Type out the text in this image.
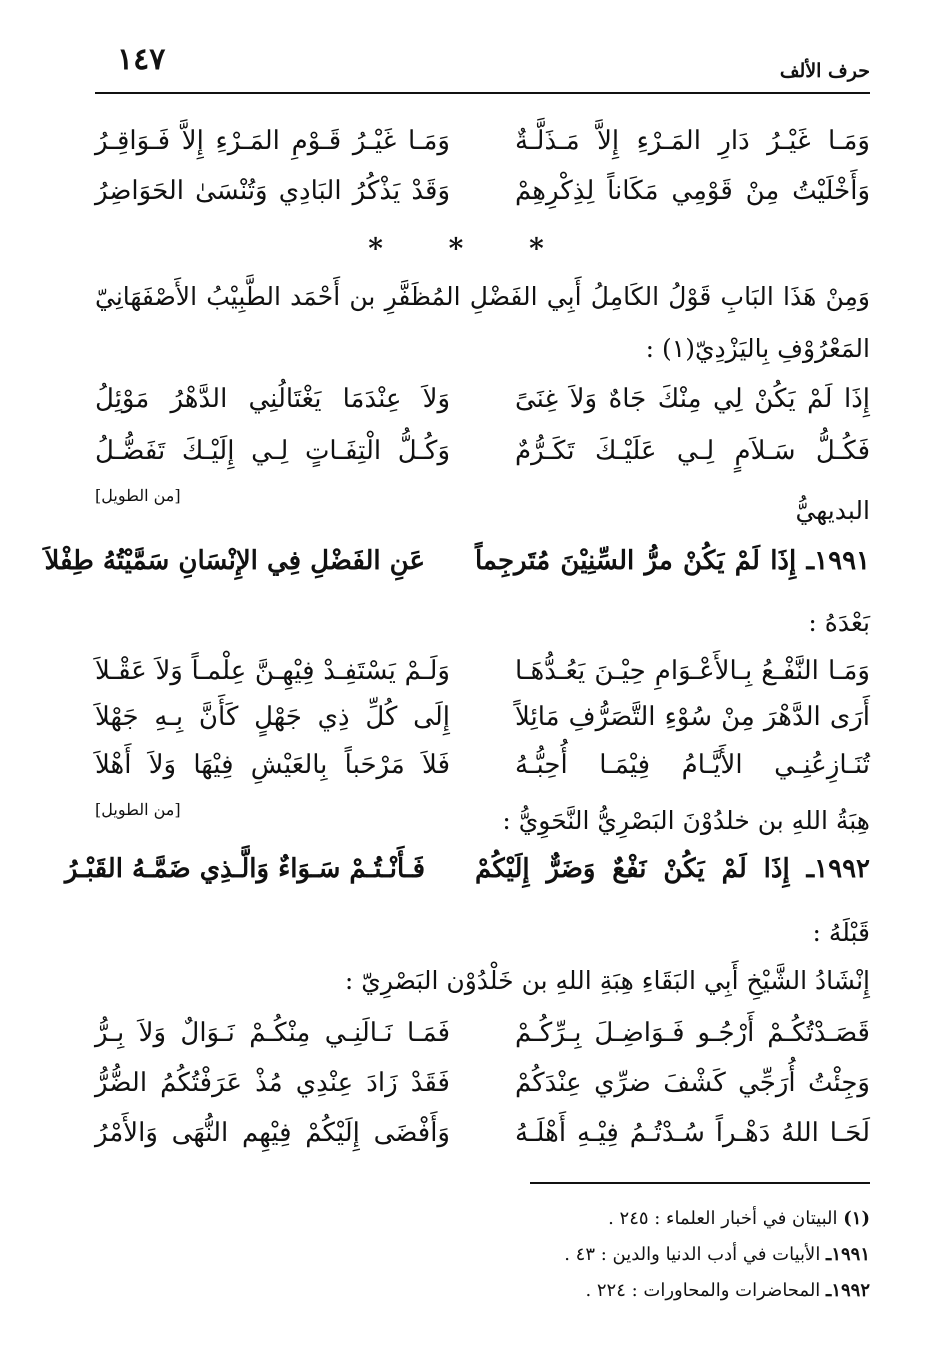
حرف الألف
١٤٧
وَمَـا غَيْـرُ دَارِ المَـرْءِ إِلاَّ مَـذَلَّـةٌ
وَمَـا غَيْـرُ قَـوْمِ المَـرْءِ إِلاَّ فَـوَاقِـرُ
وَأَخْلَيْتُ مِنْ قَوْمِي مَكَاناً لِذِكْرِهِمْ
وَقَدْ يَذْكُرُ البَادِي وَتُنْسَىٰ الحَوَاضِرُ
* * *
وَمِنْ هَذَا البَابِ قَوْلُ الكَامِلُ أَبِي الفَضْلِ المُظَفَّرِ بن أَحْمَد الطَّبِيْبُ الأَصْفَهَانِيّ
المَعْرُوْفِ بِاليَزْدِيّ(١) :
إِذَا لَمْ يَكُنْ لِي مِنْكَ جَاهٌ وَلاَ غِنَىً
وَلاَ عِنْدَمَا يَغْتَالُنِي الدَّهْرُ مَوْئِلُ
فَكُـلُّ سَـلاَمٍ لِـي عَلَيْـكَ تَكَـرُّمٌ
وَكُـلُّ الْتِفَـاتٍ لِـي إِلَيْـكَ تَفَضُّـلُ
[من الطويل]
البديهيُّ
١٩٩١ـ إِذَا لَمْ يَكُنْ مرُّ السِّنِيْنَ مُتَرجِماً
عَنِ الفَضْلِ فِي الإِنْسَانِ سَمَّيْتُهُ طِفْلاَ
بَعْدَهُ :
وَمَـا النَّفْـعُ بِـالأَعْـوَامِ حِيْـنَ يَعُـدُّهَـا
وَلَـمْ يَسْتَفِـدْ فِيْهِـنَّ عِلْمـاً وَلاَ عَقْـلاَ
أَرَى الدَّهْرَ مِنْ سُوْءِ التَّصَرُّفِ مَائِلاً
إِلَى كُلِّ ذِي جَهْلٍ كَأَنَّ بِـهِ جَهْلاَ
تُنَـازِعُنِـي الأَيَّـامُ فِيْمَـا أُحِبُّـهُ
فَلاَ مَرْحَباً بِالعَيْشِ فِيْهَا وَلاَ أَهْلاَ
[من الطويل]	هِبَةُ اللهِ بن خلدُوْنَ البَصْرِيُّ النَّحَوِيُّ :
١٩٩٢ـ إِذَا لَمْ يَكُنْ نَفْعٌ وَضَرٌّ إِلَيْكُمْ
فَـأَنْـتُـمْ سَـوَاءٌ وَالَّـذِي ضَمَّـهُ القَبْـرُ
قَبْلَهُ :
إِنْشَادُ الشَّيْخِ أَبِي البَقَاءِ هِبَةِ اللهِ بن خَلْدُوْن البَصْرِيّ :
قَصَـدْتُكُـمْ أَرْجُـو فَـوَاضِـلَ بِـرِّكُـمْ
فَمَـا نَـالَنِـي مِنْكُـمْ نَـوَالٌ وَلاَ بِـرُّ
وَجِئْتُ أُرَجِّي كَشْفَ ضرِّي عِنْدَكُمْ
فَقَدْ زَادَ عِنْدِي مُذْ عَرَفْتُكُمُ الضُّرُّ
لَحَـا اللهُ دَهْـراً سُـدْتُـمُ فِيْـهِ أَهْلَـهُ
وَأَفْضَى إِلَيْكُمْ فِيْهِم النُّهَى وَالأَمْرُ
(١) البيتان في أخبار العلماء : ٢٤٥ .
١٩٩١ـ الأبيات في أدب الدنيا والدين : ٤٣ .
١٩٩٢ـ المحاضرات والمحاورات : ٢٢٤ .
